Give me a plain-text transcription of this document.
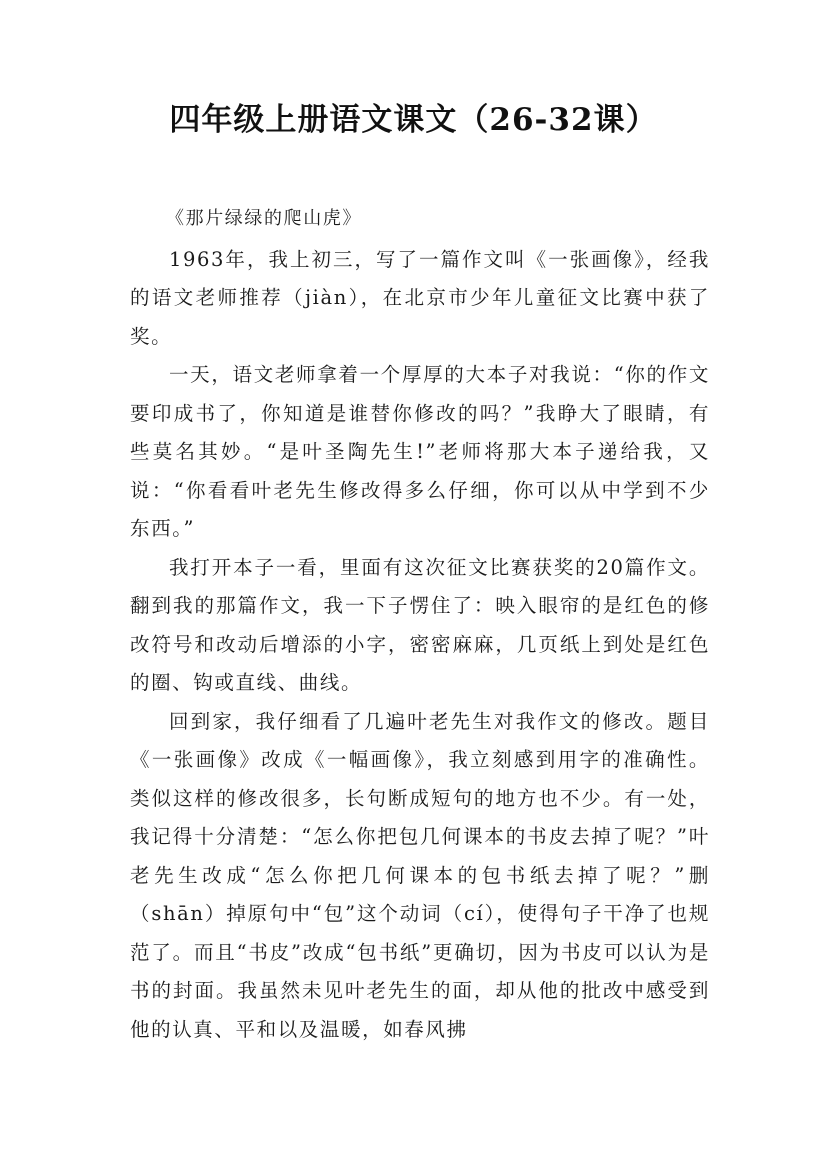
四年级上册语文课文（26-32课）

《那片绿绿的爬山虎》

1963年，我上初三，写了一篇作文叫《一张画像》，经我的语文老师推荐（jiàn），在北京市少年儿童征文比赛中获了奖。

一天，语文老师拿着一个厚厚的大本子对我说：“你的作文要印成书了，你知道是谁替你修改的吗？”我睁大了眼睛，有些莫名其妙。“是叶圣陶先生!”老师将那大本子递给我，又说：“你看看叶老先生修改得多么仔细，你可以从中学到不少东西。”

我打开本子一看，里面有这次征文比赛获奖的20篇作文。翻到我的那篇作文，我一下子愣住了：映入眼帘的是红色的修改符号和改动后增添的小字，密密麻麻，几页纸上到处是红色的圈、钩或直线、曲线。

回到家，我仔细看了几遍叶老先生对我作文的修改。题目《一张画像》改成《一幅画像》，我立刻感到用字的准确性。类似这样的修改很多，长句断成短句的地方也不少。有一处，我记得十分清楚：“怎么你把包几何课本的书皮去掉了呢？”叶老先生改成“怎么你把几何课本的包书纸去掉了呢？”删（shān）掉原句中“包”这个动词（cí），使得句子干净了也规范了。而且“书皮”改成“包书纸”更确切，因为书皮可以认为是书的封面。我虽然未见叶老先生的面，却从他的批改中感受到他的认真、平和以及温暖，如春风拂
